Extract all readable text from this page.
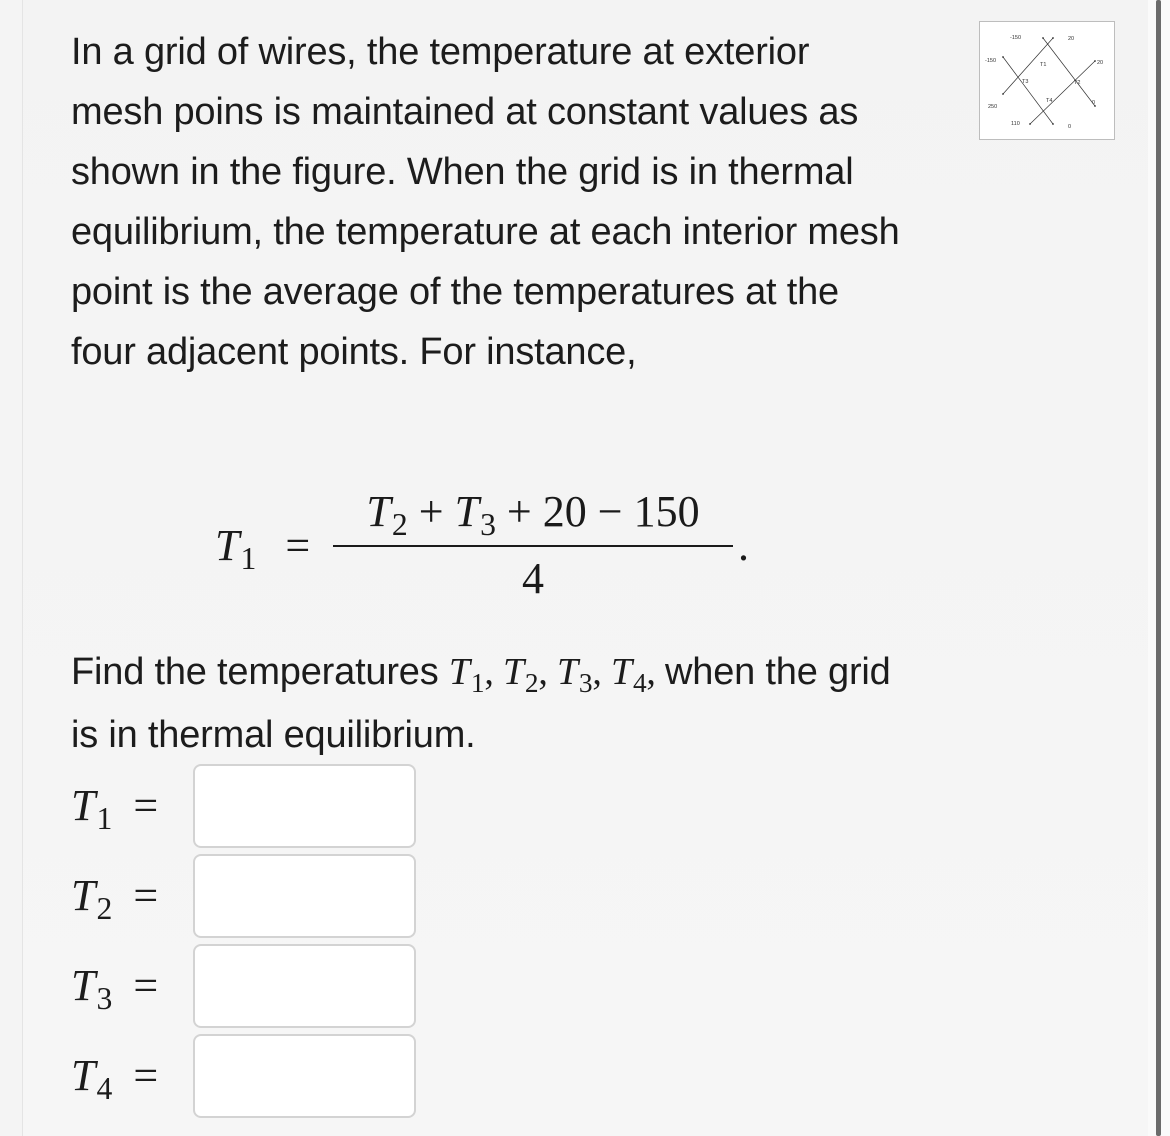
In a grid of wires, the temperature at exterior mesh poins is maintained at constant values as shown in the figure. When the grid is in thermal equilibrium, the temperature at each interior mesh point is the average of the temperatures at the four adjacent points. For instance,

-150	20
-150	20
250
0
110	0
T1
T2
T3
T4
$T_1$ =
$T_2 + T_3 + 20 - 150$
4
.

Find the temperatures $T_1$, $T_2$, $T_3$, $T_4$, when the grid is in thermal equilibrium.

$T_1$ =
$T_2$ =
$T_3$ =
$T_4$ =
